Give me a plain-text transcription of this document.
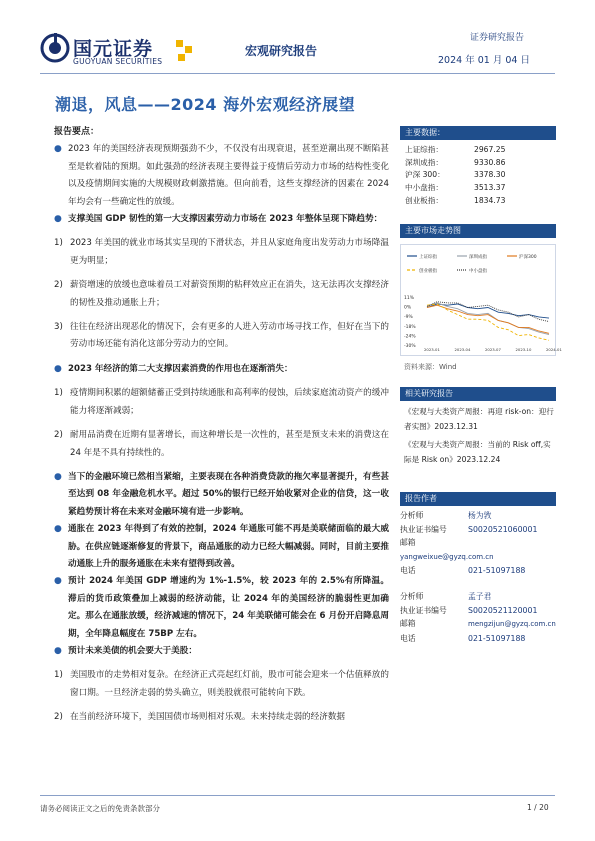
国元证券
GUOYUAN SECURITIES
宏观研究报告
证券研究报告
2024 年 01 月 04 日
潮退，风息——2024 海外宏观经济展望

报告要点：

● 2023 年的美国经济表现预期强劲不少，不仅没有出现衰退，甚至逆潮出现不断陷甚至是软着陆的预期。如此强劲的经济表现主要得益于疫情后劳动力市场的结构性变化以及疫情期间实施的大规模财政刺激措施。但向前看，这些支撑经济的因素在 2024 年均会有一些确定性的放缓。

● 支撑美国 GDP 韧性的第一大支撑因素劳动力市场在 2023 年整体呈现下降趋势：

1) 2023 年美国的就业市场其实呈现的下滑状态，并且从家庭角度出发劳动力市场降温更为明显；

2) 薪资增速的放缓也意味着员工对薪资预期的粘秤效应正在消失，这无法再次支撑经济的韧性及推动通胀上升；

3) 往往在经济出现恶化的情况下，会有更多的人进入劳动市场寻找工作，但好在当下的劳动市场还能有消化这部分劳动力的空间。

● 2023 年经济的第二大支撑因素消费的作用也在逐渐消失：

1) 疫情期间积累的超额储蓄正受到持续通胀和高利率的侵蚀，后续家庭流动资产的缓冲能力将逐渐减弱；

2) 耐用品消费在近期有显著增长，而这种增长是一次性的，甚至是预支未来的消费这在 24 年是不具有持续性的。

● 当下的金融环境已然相当紧缩，主要表现在各种消费贷款的拖欠率显著提升，有些甚至达到 08 年金融危机水平。超过 50%的银行已经开始收紧对企业的信贷，这一收紧趋势预计将在未来对金融环境有进一步影响。

● 通胀在 2023 年得到了有效的控制，2024 年通胀可能不再是美联储面临的最大威胁。在供应链逐渐修复的背景下，商品通胀的动力已经大幅减弱。同时，目前主要推动通胀上升的服务通胀在未来有望得到改善。

● 预计 2024 年美国 GDP 增速约为 1%-1.5%，较 2023 年的 2.5%有所降温。滞后的货币政策叠加上减弱的经济动能，让 2024 年的美国经济的脆弱性更加确定。那么在通胀放缓，经济减速的情况下，24 年美联储可能会在 6 月份开启降息周期，全年降息幅度在 75BP 左右。

● 预计未来美债的机会要大于美股：

1) 美国股市的走势相对复杂。在经济正式亮起红灯前，股市可能会迎来一个估值释放的窗口期。一旦经济走弱的势头确立，则美股就很可能转向下跌。

2) 在当前经济环境下，美国国债市场则相对乐观。未来持续走弱的经济数据

主要数据：
上证综指：	2967.25
深圳成指：	9330.86
沪深 300：	3378.30
中小盘指：	3513.37
创业板指：	1834.73
主要市场走势图
上证综指	深圳成指	沪深300
创业板指	中小盘指
11%
0%
-9%
-18%
-24%
-30%
2023-01	2023-04	2023-07	2023-10	2024-01
资料来源：Wind
相关研究报告
《宏观与大类资产周报：再迎 risk-on：迎行者实图》2023.12.31
《宏观与大类资产周报：当前的 Risk off,实际是 Risk on》2023.12.24
报告作者
分析师	杨为敩
执业证书编号	S0020521060001
邮箱yangweixue@gyzq.com.cn
电话	021-51097188
分析师	孟子君
执业证书编号	S0020521120001
邮箱	mengzijun@gyzq.com.cn
电话	021-51097188
请务必阅读正文之后的免责条款部分	1 / 20
